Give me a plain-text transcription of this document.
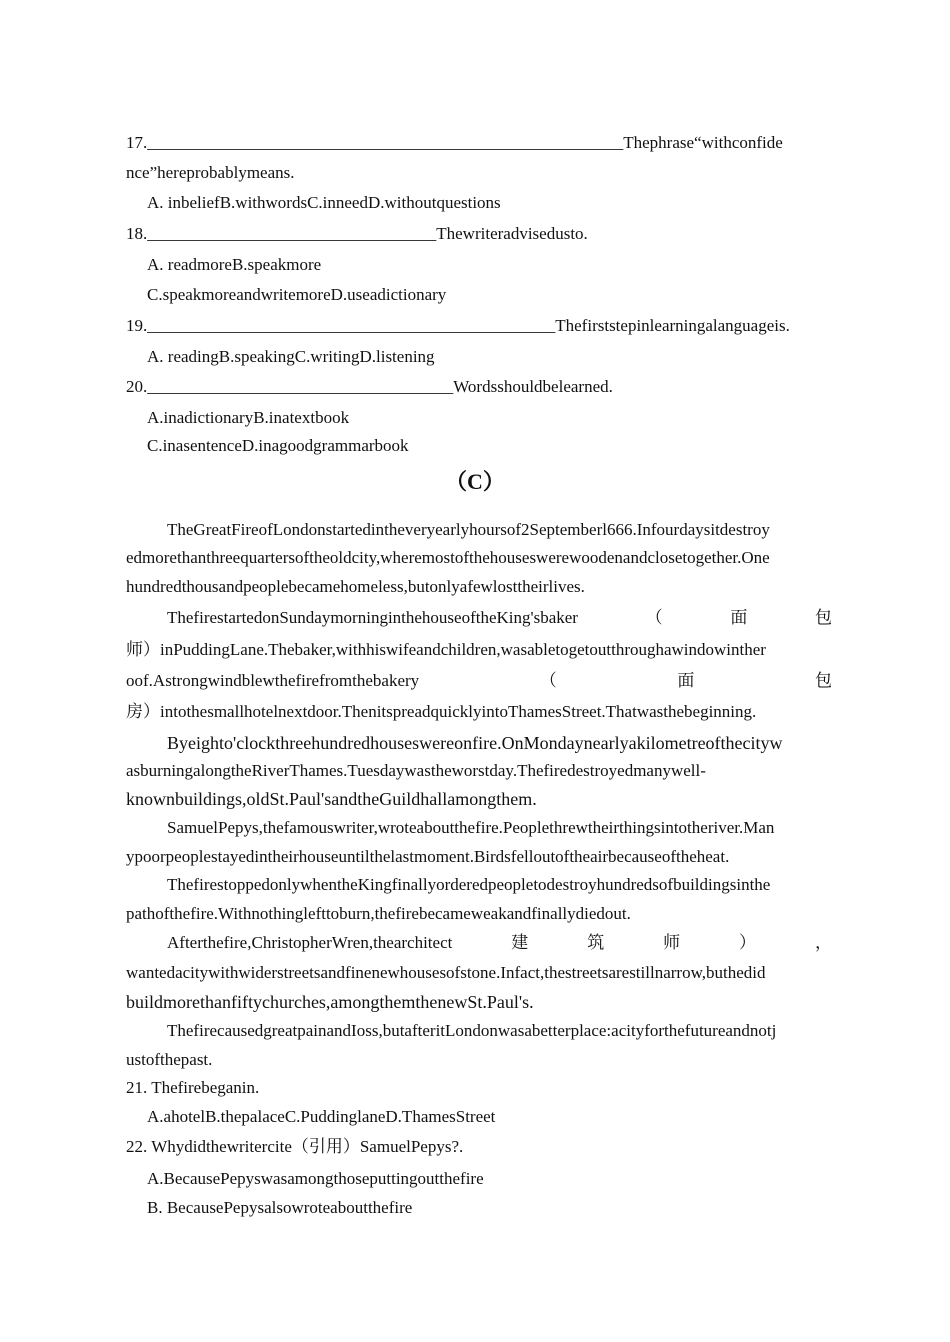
17.________________________________________________________Thephrase“withconfide
nce”hereprobablymeans.
A. inbeliefB.withwordsC.inneedD.withoutquestions
18.__________________________________Thewriteradvisedusto.
A. readmoreB.speakmore
C.speakmoreandwritemoreD.useadictionary
19.________________________________________________Thefirststepinlearningalanguageis.
A. readingB.speakingC.writingD.listening
20.____________________________________Wordsshouldbelearned.
A.inadictionaryB.inatextbook
C.inasentenceD.inagoodgrammarbook
（C）
TheGreatFireofLondonstartedintheveryearlyhoursof2Septemberl666.Infourdaysitdestroy
edmorethanthreequartersoftheoldcity,wheremostofthehouseswerewoodenandclosetogether.One
hundredthousandpeoplebecamehomeless,butonlyafewlosttheirlives.
ThefirestartedonSundaymorninginthehouseoftheKing'sbaker	（	面	包
师）inPuddingLane.Thebaker,withhiswifeandchildren,wasabletogetoutthroughawindowinther
oof.Astrongwindblewthefirefromthebakery	（	面	包
房）intothesmallhotelnextdoor.ThenitspreadquicklyintoThamesStreet.Thatwasthebeginning.
Byeighto'clockthreehundredhouseswereonfire.OnMondaynearlyakilometreofthecityw
asburningalongtheRiverThames.Tuesdaywastheworstday.Thefiredestroyedmanywell-
knownbuildings,oldSt.Paul'sandtheGuildhallamongthem.
SamuelPepys,thefamouswriter,wroteaboutthefire.Peoplethrewtheirthingsintotheriver.Man
ypoorpeoplestayedintheirhouseuntilthelastmoment.Birdsfelloutoftheairbecauseoftheheat.
ThefirestoppedonlywhentheKingfinallyorderedpeopletodestroyhundredsofbuildingsinthe
pathofthefire.Withnothinglefttoburn,thefirebecameweakandfinallydiedout.
Afterthefire,ChristopherWren,thearchitect	建	筑	师	）	，
wantedacitywithwiderstreetsandfinenewhousesofstone.Infact,thestreetsarestillnarrow,buthedid
buildmorethanfiftychurches,amongthemthenewSt.Paul's.
ThefirecausedgreatpainandIoss,butafteritLondonwasabetterplace:acityforthefutureandnotj
ustofthepast.
21. Thefirebeganin.
A.ahotelB.thepalaceC.PuddinglaneD.ThamesStreet
22. Whydidthewritercite（引用）SamuelPepys?.
A.BecausePepyswasamongthoseputtingoutthefire
B. BecausePepysalsowroteaboutthefire
